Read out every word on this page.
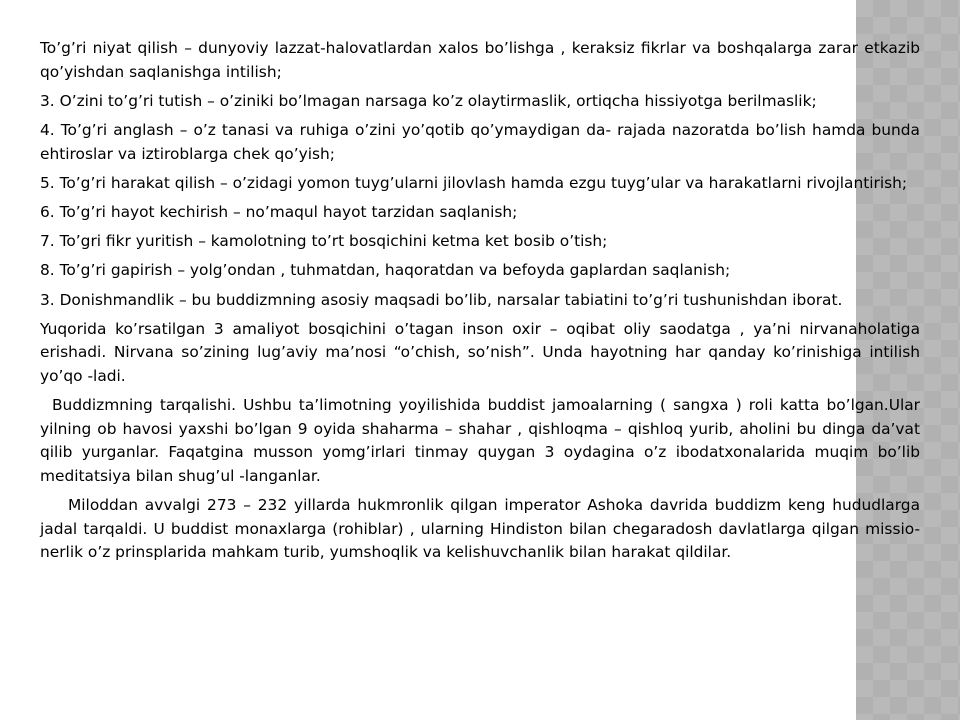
To’g’ri niyat qilish – dunyoviy lazzat-halovatlardan xalos bo’lishga , keraksiz fikrlar va boshqalarga zarar etkazib qo’yishdan saqlanishga intilish;

3. O’zini to’g’ri tutish – o’ziniki bo’lmagan narsaga ko’z olaytirmaslik, ortiqcha hissiyotga berilmaslik;

4. To’g’ri anglash – o’z tanasi va ruhiga o’zini yo’qotib qo’ymaydigan da- rajada nazoratda bo’lish hamda bunda ehtiroslar va iztiroblarga chek qo’yish;

5. To’g’ri harakat qilish – o’zidagi yomon tuyg’ularni jilovlash hamda ezgu tuyg’ular va harakatlarni rivojlantirish;

6. To’g’ri hayot kechirish – no’maqul hayot tarzidan saqlanish;

7. To’gri fikr yuritish – kamolotning to’rt bosqichini ketma ket bosib o’tish;

8. To’g’ri gapirish – yolg’ondan , tuhmatdan, haqoratdan va befoyda gaplardan saqlanish;

3. Donishmandlik – bu buddizmning asosiy maqsadi bo’lib, narsalar tabiatini to’g’ri tushunishdan iborat.

Yuqorida ko’rsatilgan 3 amaliyot bosqichini o’tagan inson oxir – oqibat oliy saodatga , ya’ni nirvanaholatiga erishadi. Nirvana so’zining lug’aviy ma’nosi “o’chish, so’nish”. Unda hayotning har qanday ko’rinishiga intilish yo’qo -ladi.

Buddizmning tarqalishi. Ushbu ta’limotning yoyilishida buddist jamoalarning ( sangxa ) roli katta bo’lgan.Ular yilning ob havosi yaxshi bo’lgan 9 oyida shaharma – shahar , qishloqma – qishloq yurib, aholini bu dinga da’vat qilib yurganlar. Faqatgina musson yomg’irlari tinmay quygan 3 oydagina o’z ibodatxonalarida muqim bo’lib meditatsiya bilan shug’ul -langanlar.

Miloddan avvalgi 273 – 232 yillarda hukmronlik qilgan imperator Ashoka davrida buddizm keng hududlarga jadal tarqaldi. U buddist monaxlarga (rohiblar) , ularning Hindiston bilan chegaradosh davlatlarga qilgan missio- nerlik o’z prinsplarida mahkam turib, yumshoqlik va kelishuvchanlik bilan harakat qildilar.
